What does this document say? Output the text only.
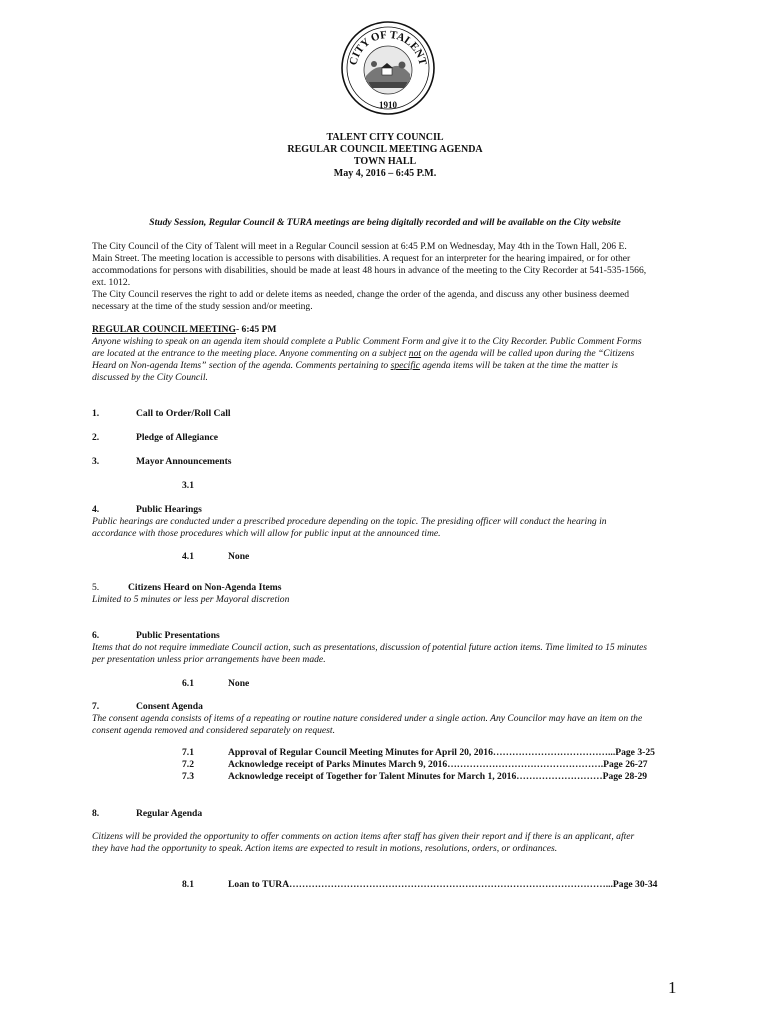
CITY OF TALENT
1910
TALENT CITY COUNCIL
REGULAR COUNCIL MEETING AGENDA
TOWN HALL
May 4, 2016 – 6:45 P.M.
Study Session, Regular Council & TURA meetings are being digitally recorded and will be available on the City website
The City Council of the City of Talent will meet in a Regular Council session at 6:45 P.M on Wednesday, May 4th in the Town Hall, 206 E.
Main Street. The meeting location is accessible to persons with disabilities. A request for an interpreter for the hearing impaired, or for other
accommodations for persons with disabilities, should be made at least 48 hours in advance of the meeting to the City Recorder at 541-535-1566,
ext. 1012.
The City Council reserves the right to add or delete items as needed, change the order of the agenda, and discuss any other business deemed
necessary at the time of the study session and/or meeting.
REGULAR COUNCIL MEETING- 6:45 PM
Anyone wishing to speak on an agenda item should complete a Public Comment Form and give it to the City Recorder. Public Comment Forms
are located at the entrance to the meeting place. Anyone commenting on a subject not on the agenda will be called upon during the “Citizens
Heard on Non-agenda Items” section of the agenda. Comments pertaining to specific agenda items will be taken at the time the matter is
discussed by the City Council.
1.	Call to Order/Roll Call
2.	Pledge of Allegiance
3.	Mayor Announcements
3.1
4.	Public Hearings
Public hearings are conducted under a prescribed procedure depending on the topic. The presiding officer will conduct the hearing in
accordance with those procedures which will allow for public input at the announced time.
4.1	None
5.	Citizens Heard on Non-Agenda Items
Limited to 5 minutes or less per Mayoral discretion
6.	Public Presentations
Items that do not require immediate Council action, such as presentations, discussion of potential future action items. Time limited to 15 minutes
per presentation unless prior arrangements have been made.
6.1	None
7.	Consent Agenda
The consent agenda consists of items of a repeating or routine nature considered under a single action. Any Councilor may have an item on the
consent agenda removed and considered separately on request.
7.1	Approval of Regular Council Meeting Minutes for April 20, 2016………………………………...Page 3-25
7.2	Acknowledge receipt of Parks Minutes March 9, 2016………………………………………….Page 26-27
7.3	Acknowledge receipt of Together for Talent Minutes for March 1, 2016………………………Page 28-29
8.	Regular Agenda
Citizens will be provided the opportunity to offer comments on action items after staff has given their report and if there is an applicant, after
they have had the opportunity to speak. Action items are expected to result in motions, resolutions, orders, or ordinances.
8.1	Loan to TURA………………………………………………………………………………………...Page 30-34
1
